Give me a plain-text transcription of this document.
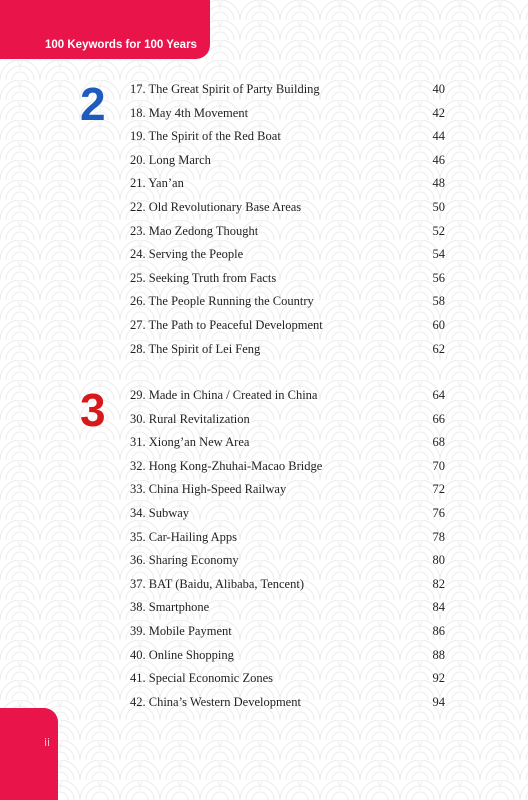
100 Keywords for 100 Years
ii
2 17. The Great Spirit of Party Building	40
18. May 4th Movement	42
19. The Spirit of the Red Boat	44
20. Long March	46
21. Yan’an	48
22. Old Revolutionary Base Areas	50
23. Mao Zedong Thought	52
24. Serving the People	54
25. Seeking Truth from Facts	56
26. The People Running the Country	58
27. The Path to Peaceful Development	60
28. The Spirit of Lei Feng	62
3 29. Made in China / Created in China	64
30. Rural Revitalization	66
31. Xiong’an New Area	68
32. Hong Kong-Zhuhai-Macao Bridge	70
33. China High-Speed Railway	72
34. Subway	76
35. Car-Hailing Apps	78
36. Sharing Economy	80
37. BAT (Baidu, Alibaba, Tencent)	82
38. Smartphone	84
39. Mobile Payment	86
40. Online Shopping	88
41. Special Economic Zones	92
42. China’s Western Development	94
